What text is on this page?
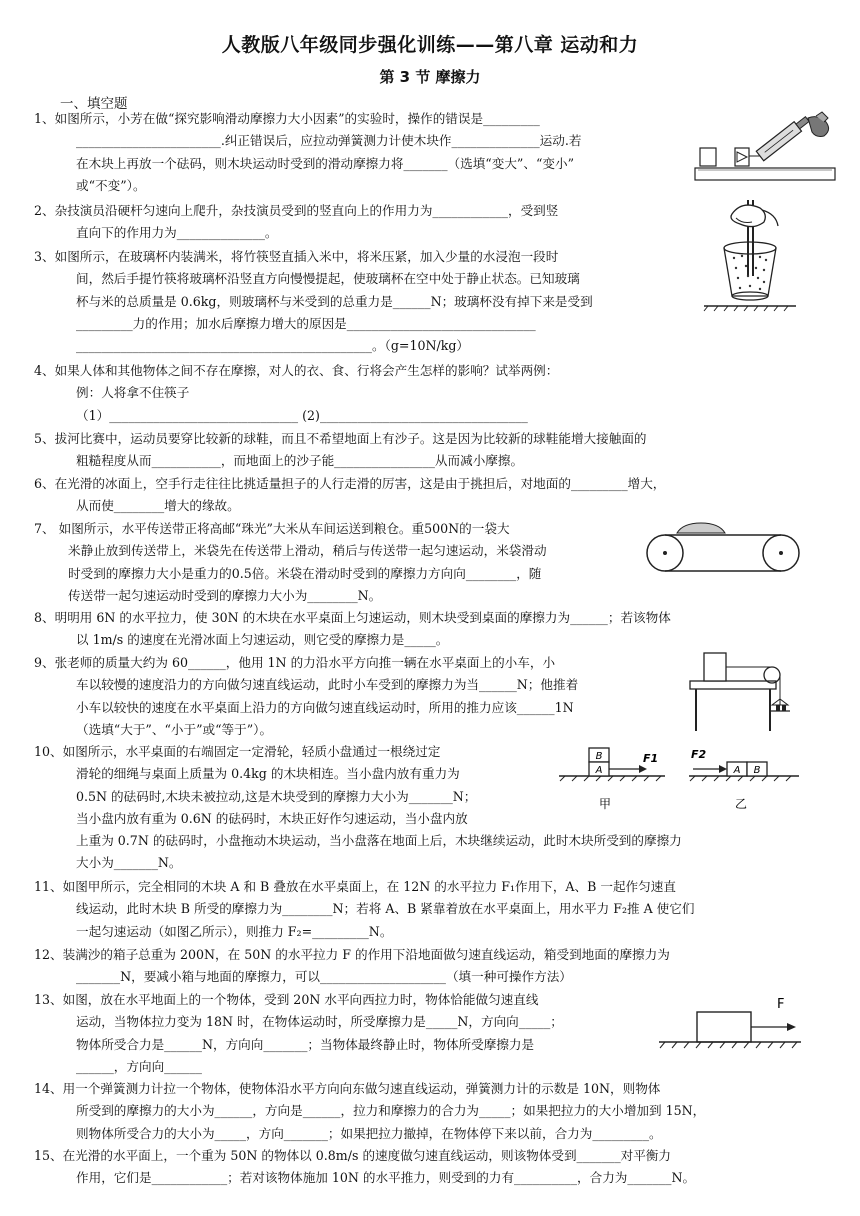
人教版八年级同步强化训练——第八章 运动和力
第 3 节 摩擦力
一、填空题
1、如图所示，小芳在做“探究影响滑动摩擦力大小因素”的实验时，操作的错误是_________
_______________________.纠正错误后，应拉动弹簧测力计使木块作______________运动.若
在木块上再放一个砝码，则木块运动时受到的滑动摩擦力将_______（选填“变大”、“变小”
或“不变”）。
2、杂技演员沿硬杆匀速向上爬升，杂技演员受到的竖直向上的作用力为____________，受到竖
直向下的作用力为______________。
3、如图所示，在玻璃杯内装满米，将竹筷竖直插入米中，将米压紧，加入少量的水浸泡一段时
间，然后手提竹筷将玻璃杯沿竖直方向慢慢提起，使玻璃杯在空中处于静止状态。已知玻璃
杯与米的总质量是 0.6kg，则玻璃杯与米受到的总重力是______N；玻璃杯没有掉下来是受到
_________力的作用；加水后摩擦力增大的原因是______________________________
_______________________________________________。（g=10N/kg）
4、如果人体和其他物体之间不存在摩擦，对人的衣、食、行将会产生怎样的影响？试举两例：
例：人将拿不住筷子
（1）______________________________ (2)_________________________________
5、拔河比赛中，运动员要穿比较新的球鞋，而且不希望地面上有沙子。这是因为比较新的球鞋能增大接触面的
粗糙程度从而___________，而地面上的沙子能________________从而减小摩擦。
6、在光滑的冰面上，空手行走往往比挑适量担子的人行走滑的厉害，这是由于挑担后，对地面的_________增大，
从而使________增大的缘故。
7、 如图所示，水平传送带正将高邮“珠光”大米从车间运送到粮仓。重500N的一袋大
米静止放到传送带上，米袋先在传送带上滑动，稍后与传送带一起匀速运动，米袋滑动
时受到的摩擦力大小是重力的0.5倍。米袋在滑动时受到的摩擦力方向向________，随
传送带一起匀速运动时受到的摩擦力大小为________N。
8、明明用 6N 的水平拉力，使 30N 的木块在水平桌面上匀速运动，则木块受到桌面的摩擦力为______；若该物体
以 1m/s 的速度在光滑冰面上匀速运动，则它受的摩擦力是_____。
9、张老师的质量大约为 60______，他用 1N 的力沿水平方向推一辆在水平桌面上的小车，小
车以较慢的速度沿力的方向做匀速直线运动，此时小车受到的摩擦力为当______N；他推着
小车以较快的速度在水平桌面上沿力的方向做匀速直线运动时，所用的推力应该______1N
（选填“大于”、“小于”或“等于”）。
10、如图所示，水平桌面的右端固定一定滑轮，轻质小盘通过一根绕过定
滑轮的细绳与桌面上质量为 0.4kg 的木块相连。当小盘内放有重力为
0.5N 的砝码时,木块未被拉动,这是木块受到的摩擦力大小为_______N；
当小盘内放有重为 0.6N 的砝码时，木块正好作匀速运动，当小盘内放
上重为 0.7N 的砝码时，小盘拖动木块运动，当小盘落在地面上后，木块继续运动，此时木块所受到的摩擦力
大小为_______N。
11、如图甲所示，完全相同的木块 A 和 B 叠放在水平桌面上，在 12N 的水平拉力 F₁作用下，A、B 一起作匀速直
线运动，此时木块 B 所受的摩擦力为________N；若将 A、B 紧靠着放在水平桌面上，用水平力 F₂推 A 使它们
一起匀速运动（如图乙所示），则推力 F₂=_________N。
12、装满沙的箱子总重为 200N，在 50N 的水平拉力 F 的作用下沿地面做匀速直线运动，箱受到地面的摩擦力为
_______N，要减小箱与地面的摩擦力，可以____________________（填一种可操作方法）
13、如图，放在水平地面上的一个物体，受到 20N 水平向西拉力时，物体恰能做匀速直线
运动，当物体拉力变为 18N 时，在物体运动时，所受摩擦力是_____N，方向向_____；
物体所受合力是______N，方向向_______；当物体最终静止时，物体所受摩擦力是
______，方向向______
14、用一个弹簧测力计拉一个物体，使物体沿水平方向向东做匀速直线运动，弹簧测力计的示数是 10N，则物体
所受到的摩擦力的大小为______，方向是______，拉力和摩擦力的合力为_____；如果把拉力的大小增加到 15N，
则物体所受合力的大小为_____，方向_______；如果把拉力撤掉，在物体停下来以前，合力为_________。
15、在光滑的水平面上，一个重为 50N 的物体以 0.8m/s 的速度做匀速直线运动，则该物体受到_______对平衡力
作用，它们是____________；若对该物体施加 10N 的水平推力，则受到的力有__________，合力为_______N。
B
A
F1
甲
F2
A B
乙
F
